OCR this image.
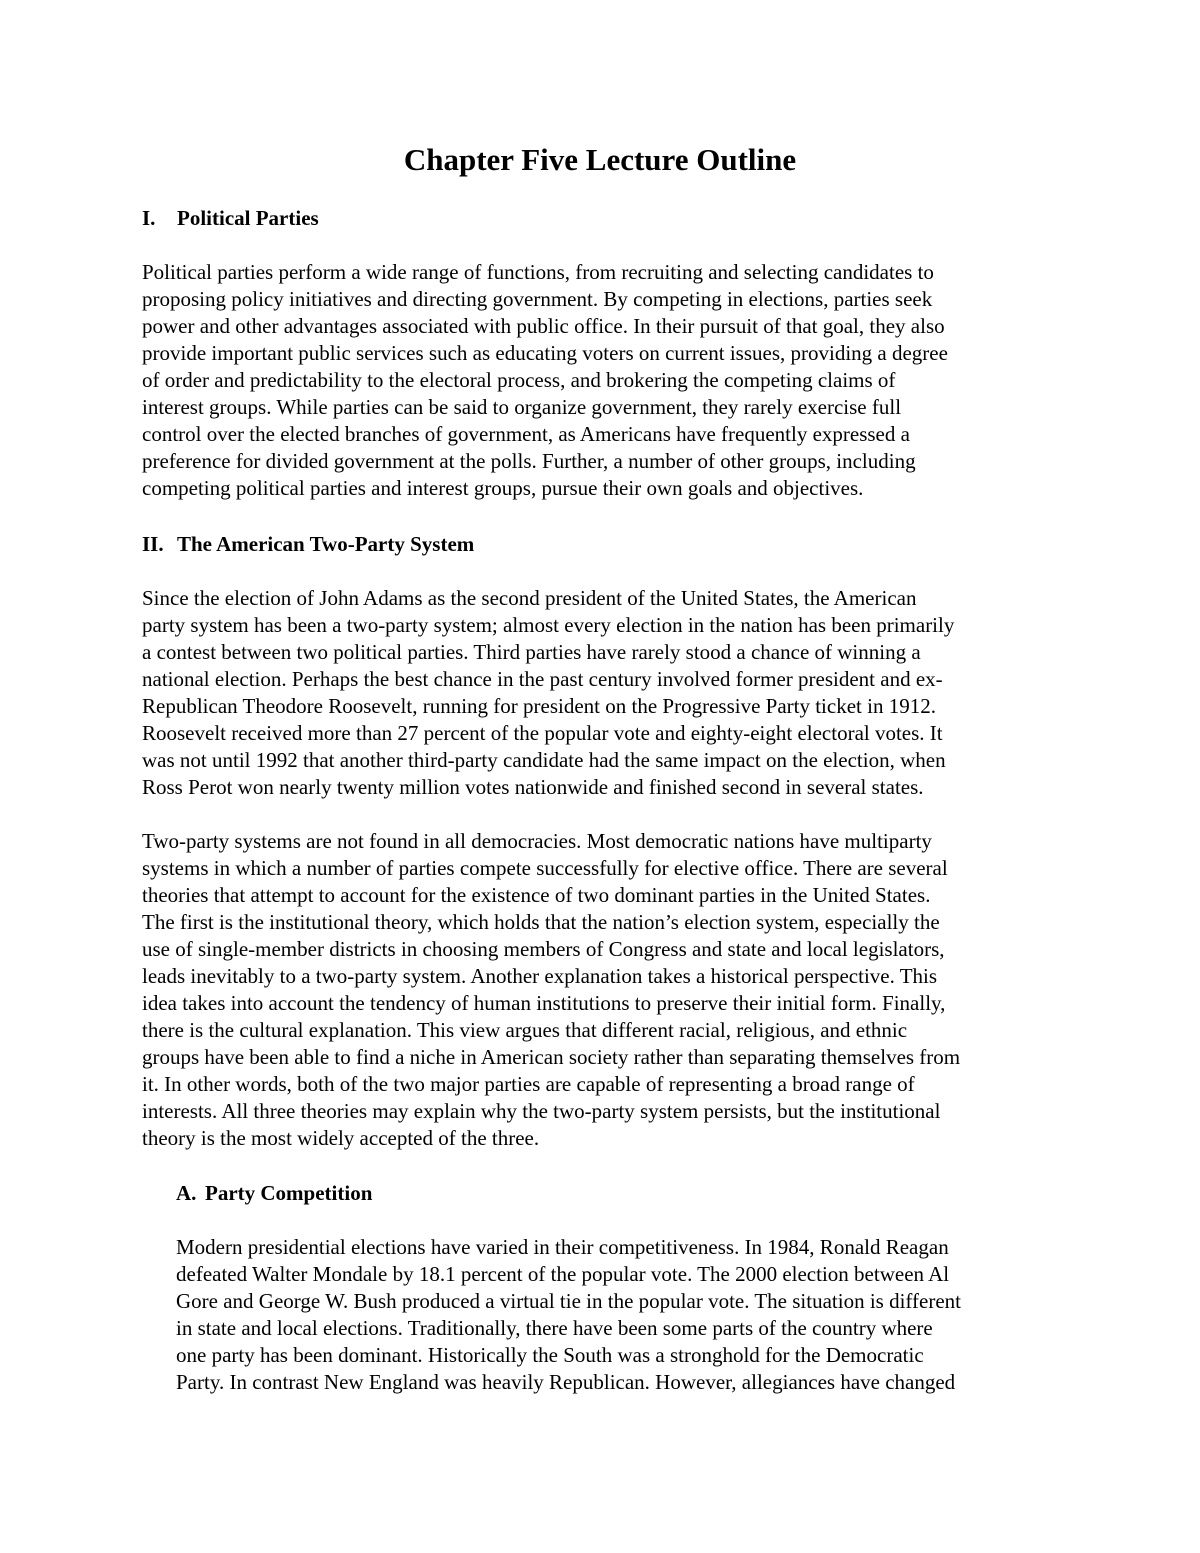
Chapter Five Lecture Outline
I. Political Parties
Political parties perform a wide range of functions, from recruiting and selecting candidates to
proposing policy initiatives and directing government. By competing in elections, parties seek
power and other advantages associated with public office. In their pursuit of that goal, they also
provide important public services such as educating voters on current issues, providing a degree
of order and predictability to the electoral process, and brokering the competing claims of
interest groups. While parties can be said to organize government, they rarely exercise full
control over the elected branches of government, as Americans have frequently expressed a
preference for divided government at the polls. Further, a number of other groups, including
competing political parties and interest groups, pursue their own goals and objectives.
II. The American Two-Party System
Since the election of John Adams as the second president of the United States, the American
party system has been a two-party system; almost every election in the nation has been primarily
a contest between two political parties. Third parties have rarely stood a chance of winning a
national election. Perhaps the best chance in the past century involved former president and ex-
Republican Theodore Roosevelt, running for president on the Progressive Party ticket in 1912.
Roosevelt received more than 27 percent of the popular vote and eighty-eight electoral votes. It
was not until 1992 that another third-party candidate had the same impact on the election, when
Ross Perot won nearly twenty million votes nationwide and finished second in several states.
Two-party systems are not found in all democracies. Most democratic nations have multiparty
systems in which a number of parties compete successfully for elective office. There are several
theories that attempt to account for the existence of two dominant parties in the United States.
The first is the institutional theory, which holds that the nation’s election system, especially the
use of single-member districts in choosing members of Congress and state and local legislators,
leads inevitably to a two-party system. Another explanation takes a historical perspective. This
idea takes into account the tendency of human institutions to preserve their initial form. Finally,
there is the cultural explanation. This view argues that different racial, religious, and ethnic
groups have been able to find a niche in American society rather than separating themselves from
it. In other words, both of the two major parties are capable of representing a broad range of
interests. All three theories may explain why the two-party system persists, but the institutional
theory is the most widely accepted of the three.
A. Party Competition
Modern presidential elections have varied in their competitiveness. In 1984, Ronald Reagan
defeated Walter Mondale by 18.1 percent of the popular vote. The 2000 election between Al
Gore and George W. Bush produced a virtual tie in the popular vote. The situation is different
in state and local elections. Traditionally, there have been some parts of the country where
one party has been dominant. Historically the South was a stronghold for the Democratic
Party. In contrast New England was heavily Republican. However, allegiances have changed
